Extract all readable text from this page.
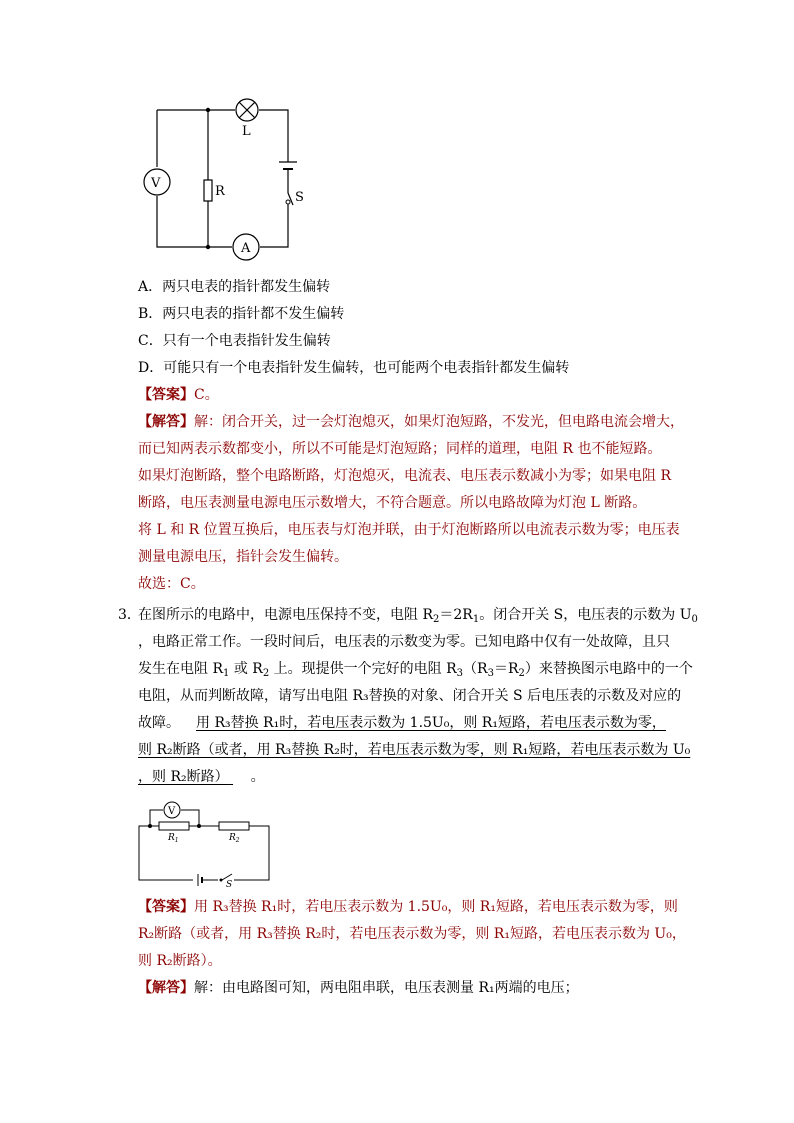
V
A
L
R	S
A．两只电表的指针都发生偏转
B．两只电表的指针都不发生偏转
C．只有一个电表指针发生偏转
D．可能只有一个电表指针发生偏转，也可能两个电表指针都发生偏转
【答案】C。
【解答】解：闭合开关，过一会灯泡熄灭，如果灯泡短路，不发光，但电路电流会增大，
而已知两表示数都变小，所以不可能是灯泡短路；同样的道理，电阻 R 也不能短路。
如果灯泡断路，整个电路断路，灯泡熄灭，电流表、电压表示数减小为零；如果电阻 R
断路，电压表测量电源电压示数增大，不符合题意。所以电路故障为灯泡 L 断路。
将 L 和 R 位置互换后，电压表与灯泡并联，由于灯泡断路所以电流表示数为零；电压表
测量电源电压，指针会发生偏转。
故选：C。
3．
在图所示的电路中，电源电压保持不变，电阻 $R_2=2R_1$。闭合开关 S，电压表的示数为 $U_0$
，电路正常工作。一段时间后，电压表的示数变为零。已知电路中仅有一处故障，且只
发生在电阻 $R_1$ 或 $R_2$ 上。现提供一个完好的电阻 $R_3(R_3=R_2)$来替换图示电路中的一个
电阻，从而判断故障，请写出电阻 R₃替换的对象、闭合开关 S 后电压表的示数及对应的
故障。 用 R₃替换 R₁时，若电压表示数为 1.5U₀，则 R₁短路，若电压表示数为零，
则 R₂断路（或者，用 R₃替换 R₂时，若电压表示数为零，则 R₁短路，若电压表示数为 U₀
，则 R₂断路） 。
V
$R_1$	$R_2$
S
【答案】用 R₃替换 R₁时，若电压表示数为 1.5U₀，则 R₁短路，若电压表示数为零，则
R₂断路（或者，用 R₃替换 R₂时，若电压表示数为零，则 R₁短路，若电压表示数为 U₀，
则 R₂断路）。
【解答】解：由电路图可知，两电阻串联，电压表测量 R₁两端的电压；
